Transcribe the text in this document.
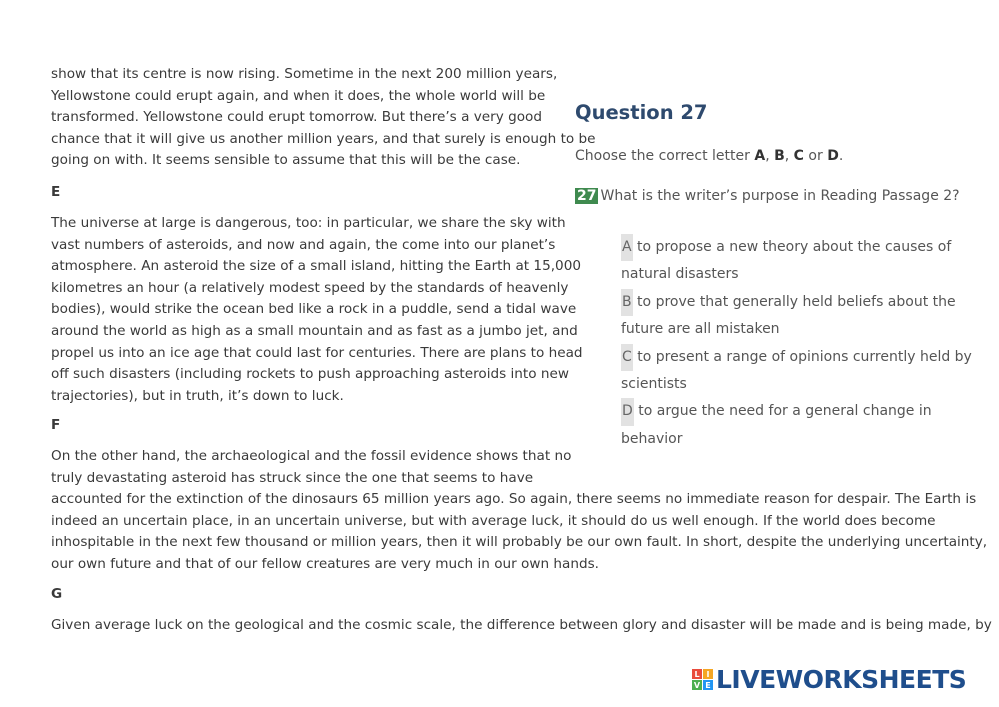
show that its centre is now rising. Sometime in the next 200 million years,
Yellowstone could erupt again, and when it does, the whole world will be
transformed. Yellowstone could erupt tomorrow. But there’s a very good
chance that it will give us another million years, and that surely is enough to be
going on with. It seems sensible to assume that this will be the case.
E
The universe at large is dangerous, too: in particular, we share the sky with
vast numbers of asteroids, and now and again, the come into our planet’s
atmosphere. An asteroid the size of a small island, hitting the Earth at 15,000
kilometres an hour (a relatively modest speed by the standards of heavenly
bodies), would strike the ocean bed like a rock in a puddle, send a tidal wave
around the world as high as a small mountain and as fast as a jumbo jet, and
propel us into an ice age that could last for centuries. There are plans to head
off such disasters (including rockets to push approaching asteroids into new
trajectories), but in truth, it’s down to luck.
F
On the other hand, the archaeological and the fossil evidence shows that no
truly devastating asteroid has struck since the one that seems to have
accounted for the extinction of the dinosaurs 65 million years ago. So again, there seems no immediate reason for despair. The Earth is
indeed an uncertain place, in an uncertain universe, but with average luck, it should do us well enough. If the world does become
inhospitable in the next few thousand or million years, then it will probably be our own fault. In short, despite the underlying uncertainty,
our own future and that of our fellow creatures are very much in our own hands.
G
Given average luck on the geological and the cosmic scale, the difference between glory and disaster will be made and is being made, by
Question 27

Choose the correct letter A, B, C or D.

27 What is the writer’s purpose in Reading Passage 2?

A to propose a new theory about the causes of
natural disasters
B to prove that generally held beliefs about the
future are all mistaken
C to present a range of opinions currently held by
scientists
D to argue the need for a general change in
behavior
L I
V E LIVEWORKSHEETS
